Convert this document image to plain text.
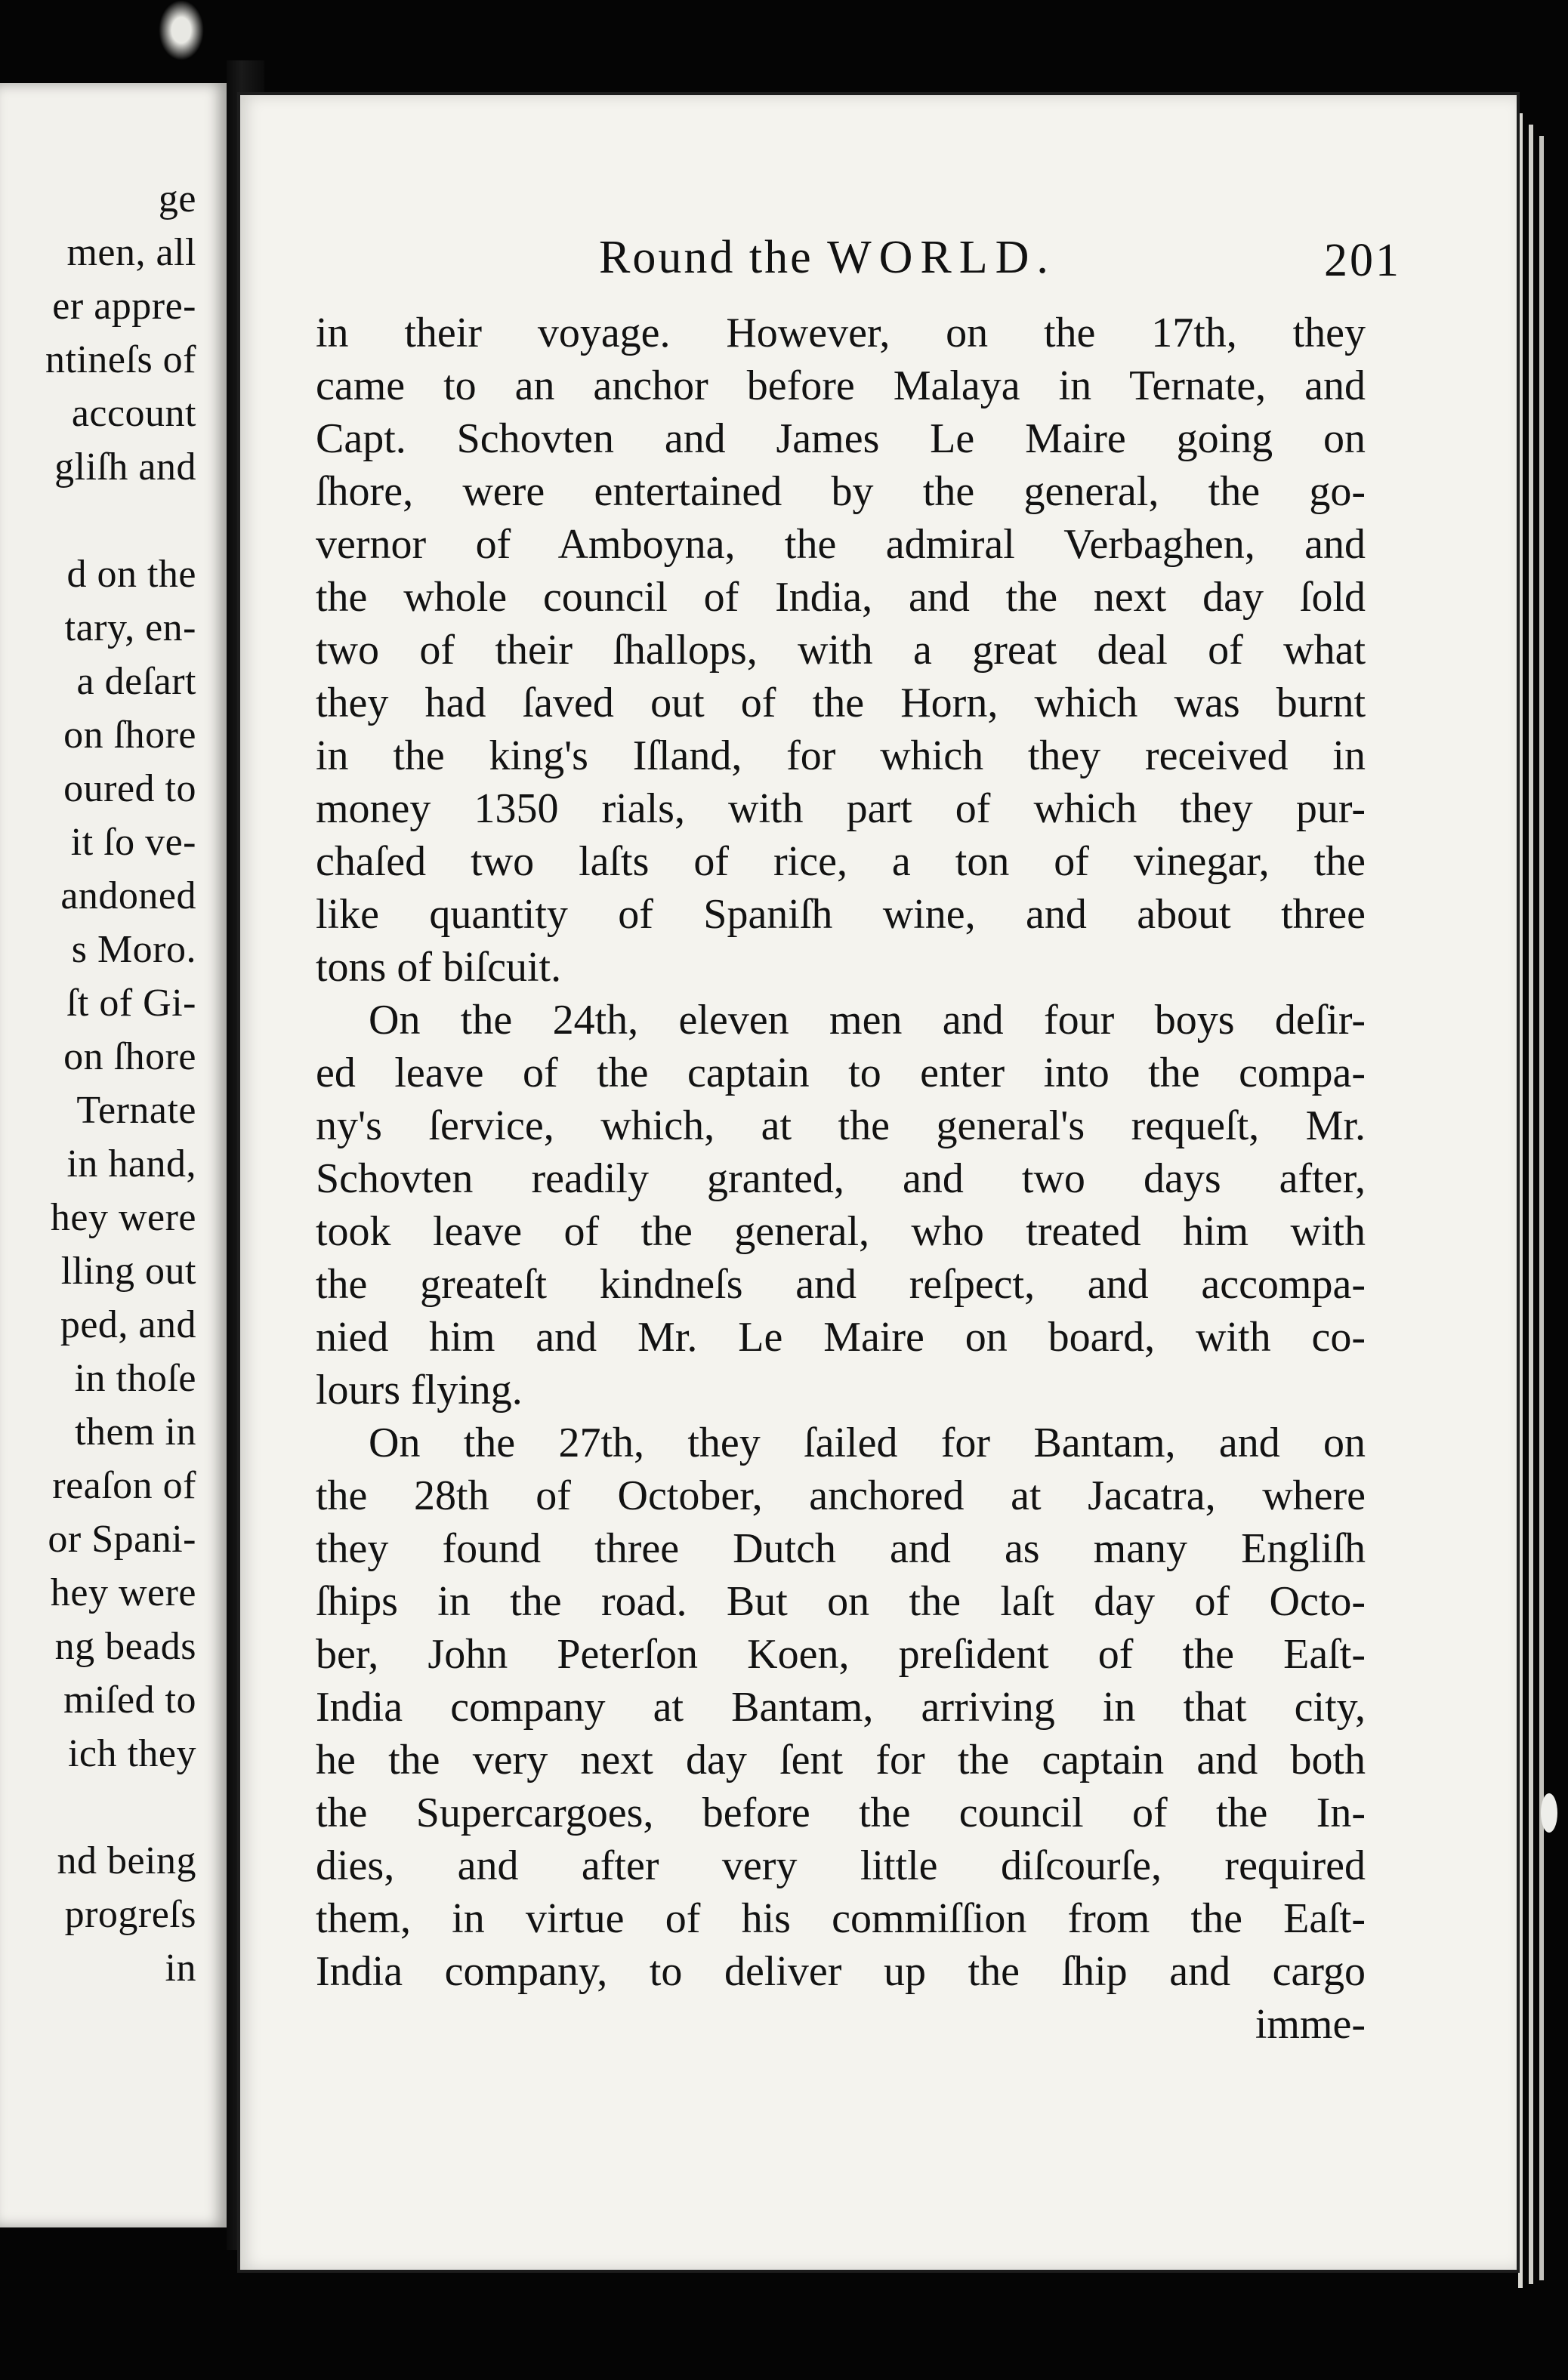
ge
men, all
er appre-
ntineſs of
account
gliſh and
d on the
tary, en-
a deſart
on ſhore
oured to
it ſo ve-
andoned
s Moro.
ſt of Gi-
on ſhore
Ternate
in hand,
hey were
lling out
ped, and
in thoſe
them in
reaſon of
or Spani-
hey were
ng beads
miſed to
ich they
nd being
progreſs
in
Round the WORLD.	201
in their voyage. However, on the 17th, they
came to an anchor before Malaya in Ternate, and
Capt. Schovten and James Le Maire going on
ſhore, were entertained by the general, the go-
vernor of Amboyna, the admiral Verbaghen, and
the whole council of India, and the next day ſold
two of their ſhallops, with a great deal of what
they had ſaved out of the Horn, which was burnt
in the king's Iſland, for which they received in
money 1350 rials, with part of which they pur-
chaſed two laſts of rice, a ton of vinegar, the
like quantity of Spaniſh wine, and about three
tons of biſcuit.
On the 24th, eleven men and four boys deſir-
ed leave of the captain to enter into the compa-
ny's ſervice, which, at the general's requeſt, Mr.
Schovten readily granted, and two days after,
took leave of the general, who treated him with
the greateſt kindneſs and reſpect, and accompa-
nied him and Mr. Le Maire on board, with co-
lours flying.
On the 27th, they ſailed for Bantam, and on
the 28th of October, anchored at Jacatra, where
they found three Dutch and as many Engliſh
ſhips in the road. But on the laſt day of Octo-
ber, John Peterſon Koen, preſident of the Eaſt-
India company at Bantam, arriving in that city,
he the very next day ſent for the captain and both
the Supercargoes, before the council of the In-
dies, and after very little diſcourſe, required
them, in virtue of his commiſſion from the Eaſt-
India company, to deliver up the ſhip and cargo
imme-
